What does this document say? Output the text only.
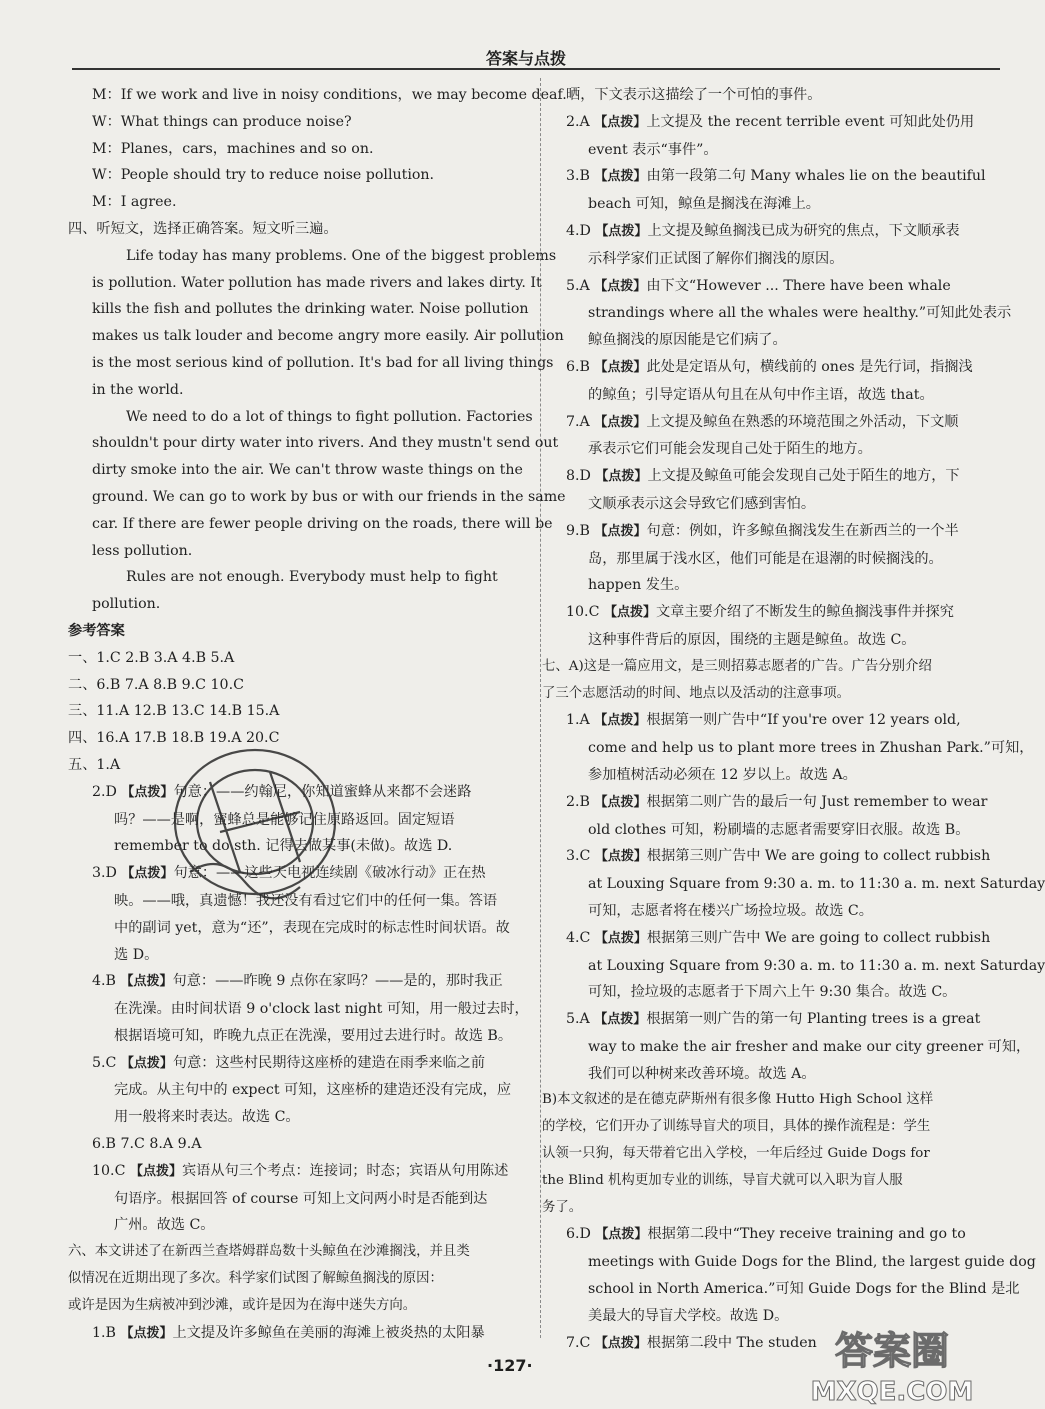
答案与点拨
M：If we work and live in noisy conditions，we may become deaf.
W：What things can produce noise?
M：Planes，cars，machines and so on.
W：People should try to reduce noise pollution.
M：I agree.
四、听短文，选择正确答案。短文听三遍。
Life today has many problems. One of the biggest problems
is pollution. Water pollution has made rivers and lakes dirty. It
kills the fish and pollutes the drinking water. Noise pollution
makes us talk louder and become angry more easily. Air pollution
is the most serious kind of pollution. It's bad for all living things
in the world.
We need to do a lot of things to fight pollution. Factories
shouldn't pour dirty water into rivers. And they mustn't send out
dirty smoke into the air. We can't throw waste things on the
ground. We can go to work by bus or with our friends in the same
car. If there are fewer people driving on the roads, there will be
less pollution.
Rules are not enough. Everybody must help to fight
pollution.
参考答案
一、1.C 2.B 3.A 4.B 5.A
二、6.B 7.A 8.B 9.C 10.C
三、11.A 12.B 13.C 14.B 15.A
四、16.A 17.B 18.B 19.A 20.C
五、1.A
2.D 【点拨】句意：——约翰尼，你知道蜜蜂从来都不会迷路
吗？——是啊，蜜蜂总是能够记住原路返回。固定短语
remember to do sth. 记得去做某事(未做)。故选 D.
3.D 【点拨】句意：——这些天电视连续剧《破冰行动》正在热
映。——哦，真遗憾！我还没有看过它们中的任何一集。答语
中的副词 yet，意为“还”，表现在完成时的标志性时间状语。故
选 D。
4.B 【点拨】句意：——昨晚 9 点你在家吗？——是的，那时我正
在洗澡。由时间状语 9 o'clock last night 可知，用一般过去时，
根据语境可知，昨晚九点正在洗澡，要用过去进行时。故选 B。
5.C 【点拨】句意：这些村民期待这座桥的建造在雨季来临之前
完成。从主句中的 expect 可知，这座桥的建造还没有完成，应
用一般将来时表达。故选 C。
6.B 7.C 8.A 9.A
10.C 【点拨】宾语从句三个考点：连接词；时态；宾语从句用陈述
句语序。根据回答 of course 可知上文问两小时是否能到达
广州。故选 C。
六、本文讲述了在新西兰查塔姆群岛数十头鲸鱼在沙滩搁浅，并且类
似情况在近期出现了多次。科学家们试图了解鲸鱼搁浅的原因：
或许是因为生病被冲到沙滩，或许是因为在海中迷失方向。
1.B 【点拨】上文提及许多鲸鱼在美丽的海滩上被炎热的太阳暴
晒，下文表示这描绘了一个可怕的事件。
2.A 【点拨】上文提及 the recent terrible event 可知此处仍用
event 表示“事件”。
3.B 【点拨】由第一段第二句 Many whales lie on the beautiful
beach 可知，鲸鱼是搁浅在海滩上。
4.D 【点拨】上文提及鲸鱼搁浅已成为研究的焦点，下文顺承表
示科学家们正试图了解你们搁浅的原因。
5.A 【点拨】由下文“However ... There have been whale
strandings where all the whales were healthy.”可知此处表示
鲸鱼搁浅的原因能是它们病了。
6.B 【点拨】此处是定语从句，横线前的 ones 是先行词，指搁浅
的鲸鱼；引导定语从句且在从句中作主语，故选 that。
7.A 【点拨】上文提及鲸鱼在熟悉的环境范围之外活动，下文顺
承表示它们可能会发现自己处于陌生的地方。
8.D 【点拨】上文提及鲸鱼可能会发现自己处于陌生的地方，下
文顺承表示这会导致它们感到害怕。
9.B 【点拨】句意：例如，许多鲸鱼搁浅发生在新西兰的一个半
岛，那里属于浅水区，他们可能是在退潮的时候搁浅的。
happen 发生。
10.C 【点拨】文章主要介绍了不断发生的鲸鱼搁浅事件并探究
这种事件背后的原因，围绕的主题是鲸鱼。故选 C。
七、A)这是一篇应用文，是三则招募志愿者的广告。广告分别介绍
了三个志愿活动的时间、地点以及活动的注意事项。
1.A 【点拨】根据第一则广告中“If you're over 12 years old,
come and help us to plant more trees in Zhushan Park.”可知，
参加植树活动必须在 12 岁以上。故选 A。
2.B 【点拨】根据第二则广告的最后一句 Just remember to wear
old clothes 可知，粉刷墙的志愿者需要穿旧衣服。故选 B。
3.C 【点拨】根据第三则广告中 We are going to collect rubbish
at Louxing Square from 9:30 a. m. to 11:30 a. m. next Saturday
可知，志愿者将在楼兴广场捡垃圾。故选 C。
4.C 【点拨】根据第三则广告中 We are going to collect rubbish
at Louxing Square from 9:30 a. m. to 11:30 a. m. next Saturday
可知，捡垃圾的志愿者于下周六上午 9:30 集合。故选 C。
5.A 【点拨】根据第一则广告的第一句 Planting trees is a great
way to make the air fresher and make our city greener 可知，
我们可以种树来改善环境。故选 A。
B)本文叙述的是在德克萨斯州有很多像 Hutto High School 这样
的学校，它们开办了训练导盲犬的项目，具体的操作流程是：学生
认领一只狗，每天带着它出入学校，一年后经过 Guide Dogs for
the Blind 机构更加专业的训练，导盲犬就可以入职为盲人服
务了。
6.D 【点拨】根据第二段中“They receive training and go to
meetings with Guide Dogs for the Blind, the largest guide dog
school in North America.”可知 Guide Dogs for the Blind 是北
美最大的导盲犬学校。故选 D。
7.C 【点拨】根据第二段中 The studen 答案圈
MXQE.COM
·127·
